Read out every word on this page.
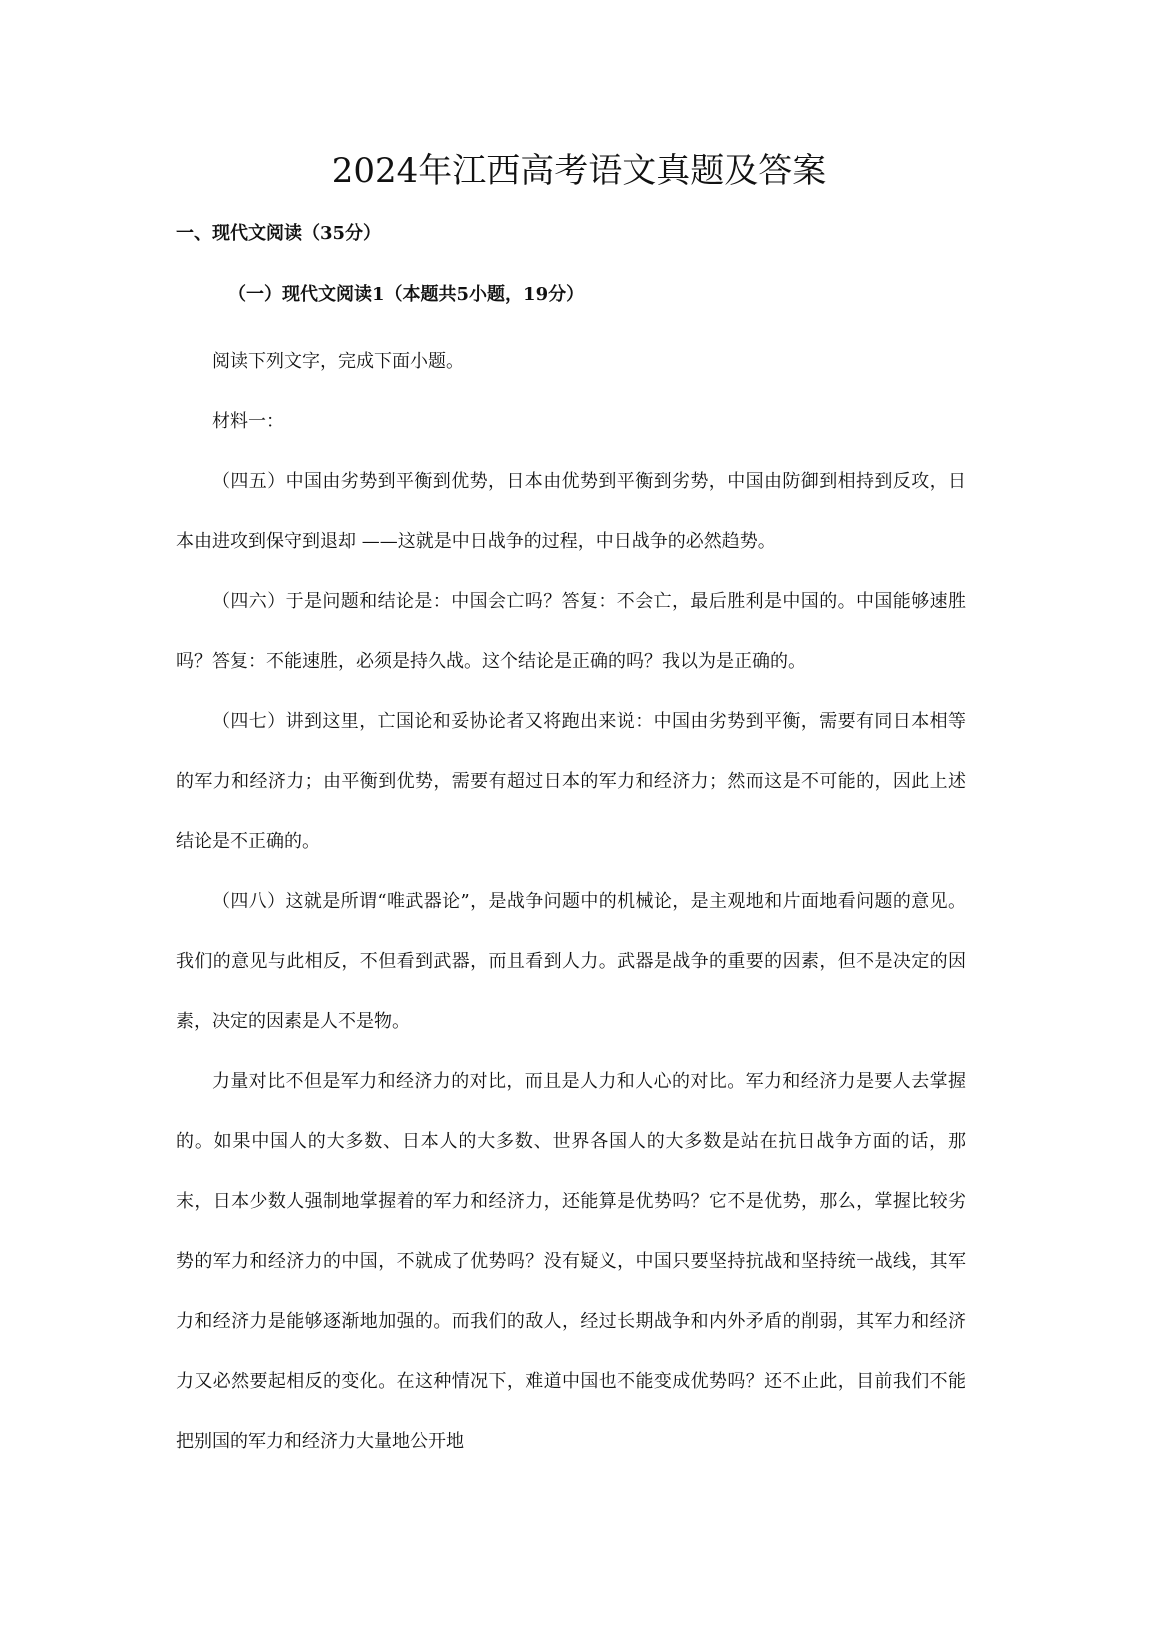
2024年江西高考语文真题及答案
一、现代文阅读（35分）
（一）现代文阅读1（本题共5小题，19分）

阅读下列文字，完成下面小题。

材料一：

（四五）中国由劣势到平衡到优势，日本由优势到平衡到劣势，中国由防御到相持到反攻，日本由进攻到保守到退却 ——这就是中日战争的过程，中日战争的必然趋势。

（四六）于是问题和结论是：中国会亡吗？答复：不会亡，最后胜利是中国的。中国能够速胜吗？答复：不能速胜，必须是持久战。这个结论是正确的吗？我以为是正确的。

（四七）讲到这里，亡国论和妥协论者又将跑出来说：中国由劣势到平衡，需要有同日本相等的军力和经济力；由平衡到优势，需要有超过日本的军力和经济力；然而这是不可能的，因此上述结论是不正确的。

（四八）这就是所谓“唯武器论”，是战争问题中的机械论，是主观地和片面地看问题的意见。我们的意见与此相反，不但看到武器，而且看到人力。武器是战争的重要的因素，但不是决定的因素，决定的因素是人不是物。

力量对比不但是军力和经济力的对比，而且是人力和人心的对比。军力和经济力是要人去掌握的。如果中国人的大多数、日本人的大多数、世界各国人的大多数是站在抗日战争方面的话，那末，日本少数人强制地掌握着的军力和经济力，还能算是优势吗？它不是优势，那么，掌握比较劣势的军力和经济力的中国，不就成了优势吗？没有疑义，中国只要坚持抗战和坚持统一战线，其军力和经济力是能够逐渐地加强的。而我们的敌人，经过长期战争和内外矛盾的削弱，其军力和经济力又必然要起相反的变化。在这种情况下，难道中国也不能变成优势吗？还不止此，目前我们不能把别国的军力和经济力大量地公开地
